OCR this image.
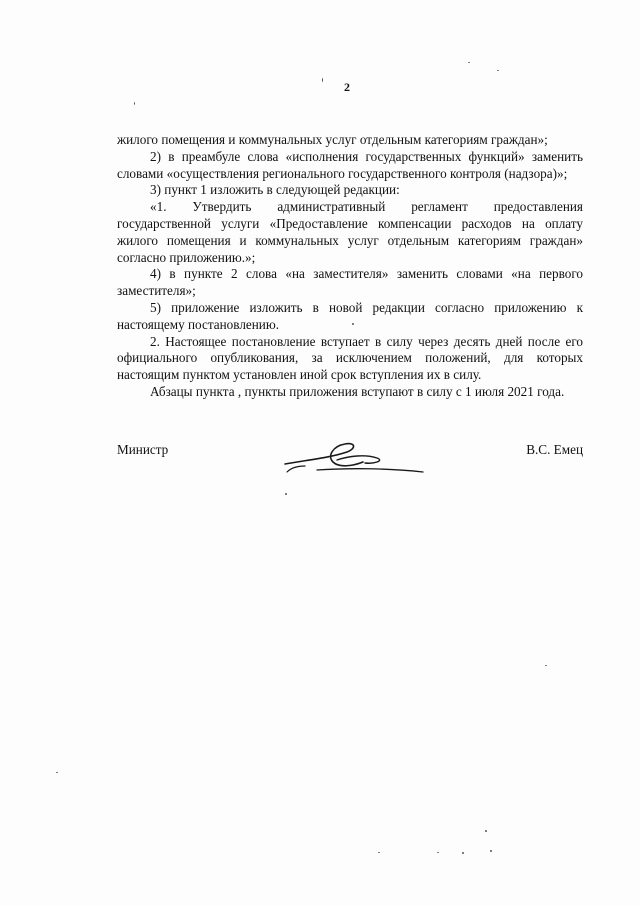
2

жилого помещения и коммунальных услуг отдельным категориям граждан»;

2) в преамбуле слова «исполнения государственных функций» заменить словами «осуществления регионального государственного контроля (надзора)»;

3) пункт 1 изложить в следующей редакции:

«1. Утвердить административный регламент предоставления государственной услуги «Предоставление компенсации расходов на оплату жилого помещения и коммунальных услуг отдельным категориям граждан» согласно приложению.»;

4) в пункте 2 слова «на заместителя» заменить словами «на первого заместителя»;

5) приложение изложить в новой редакции согласно приложению к настоящему постановлению.

2. Настоящее постановление вступает в силу через десять дней после его официального опубликования, за исключением положений, для которых настоящим пунктом установлен иной срок вступления их в силу.

Абзацы пункта , пункты приложения вступают в силу с 1 июля 2021 года.

Министр	В.С. Емец
